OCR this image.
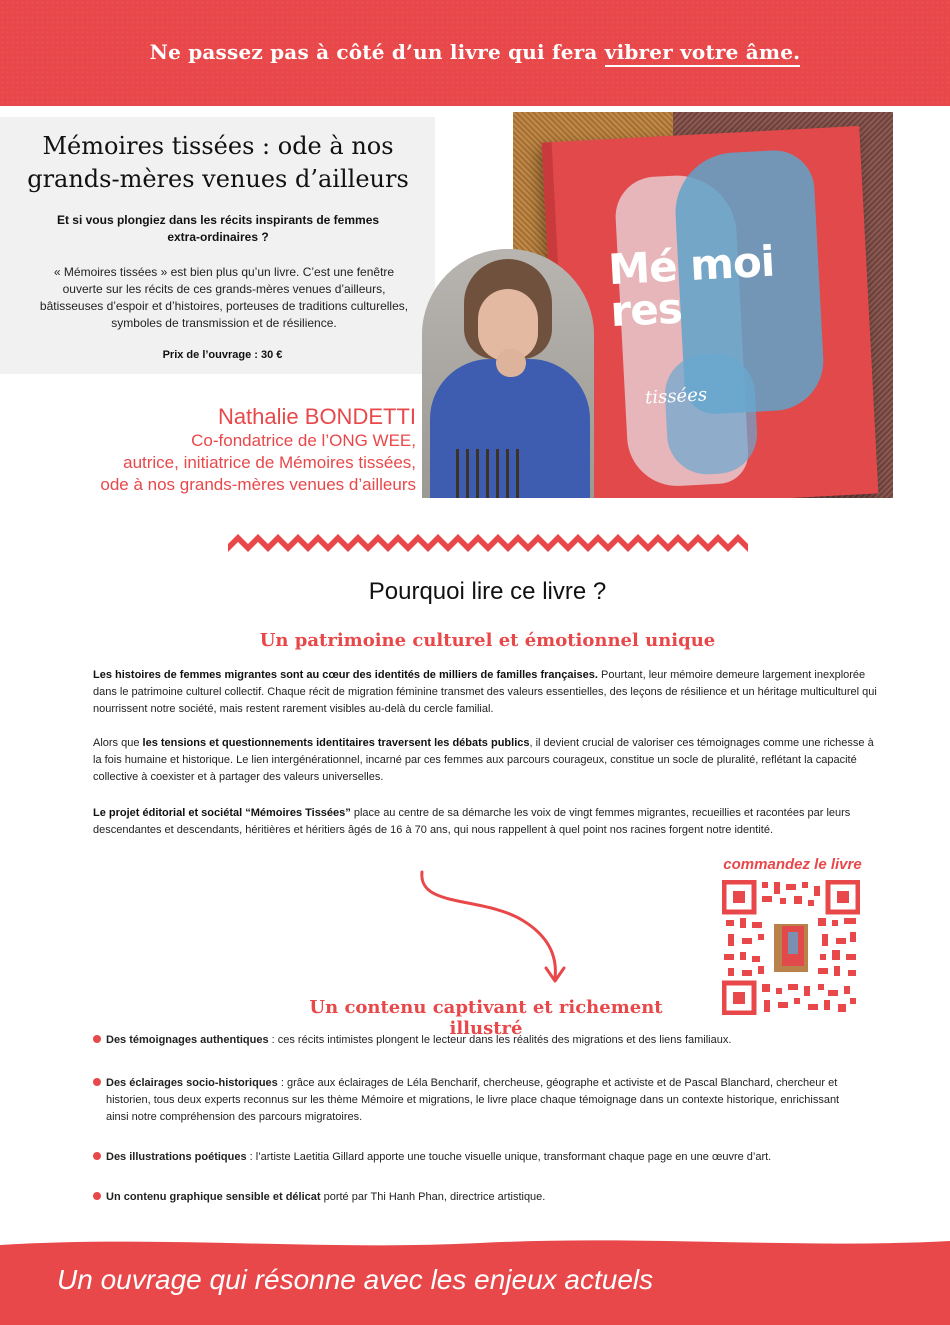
Ne passez pas à côté d’un livre qui fera vibrer votre âme.
Mémoires tissées : ode à nos grands-mères venues d’ailleurs
Et si vous plongiez dans les récits inspirants de femmes extra-ordinaires ?
« Mémoires tissées » est bien plus qu’un livre. C’est une fenêtre ouverte sur les récits de ces grands-mères venues d’ailleurs, bâtisseuses d’espoir et d’histoires, porteuses de traditions culturelles, symboles de transmission et de résilience.
Prix de l’ouvrage : 30 €
Mé moi res
tissées
Nathalie BONDETTI
Co-fondatrice de l’ONG WEE,
autrice, initiatrice de Mémoires tissées,
ode à nos grands-mères venues d’ailleurs
Pourquoi lire ce livre ?
Un patrimoine culturel et émotionnel unique
Les histoires de femmes migrantes sont au cœur des identités de milliers de familles françaises. Pourtant, leur mémoire demeure largement inexplorée dans le patrimoine culturel collectif. Chaque récit de migration féminine transmet des valeurs essentielles, des leçons de résilience et un héritage multiculturel qui nourrissent notre société, mais restent rarement visibles au-delà du cercle familial.
Alors que les tensions et questionnements identitaires traversent les débats publics, il devient crucial de valoriser ces témoignages comme une richesse à la fois humaine et historique. Le lien intergénérationnel, incarné par ces femmes aux parcours courageux, constitue un socle de pluralité, reflétant la capacité collective à coexister et à partager des valeurs universelles.
Le projet éditorial et sociétal “Mémoires Tissées” place au centre de sa démarche les voix de vingt femmes migrantes, recueillies et racontées par leurs descendantes et descendants, héritières et héritiers âgés de 16 à 70 ans, qui nous rappellent à quel point nos racines forgent notre identité.
commandez le livre
Un contenu captivant et richement illustré
Des témoignages authentiques : ces récits intimistes plongent le lecteur dans les réalités des migrations et des liens familiaux.
Des éclairages socio-historiques : grâce aux éclairages de Léla Bencharif, chercheuse, géographe et activiste et de Pascal Blanchard, chercheur et historien, tous deux experts reconnus sur les thème Mémoire et migrations, le livre place chaque témoignage dans un contexte historique, enrichissant ainsi notre compréhension des parcours migratoires.
Des illustrations poétiques : l’artiste Laetitia Gillard apporte une touche visuelle unique, transformant chaque page en une œuvre d’art.
Un contenu graphique sensible et délicat porté par Thi Hanh Phan, directrice artistique.
Un ouvrage qui résonne avec les enjeux actuels
